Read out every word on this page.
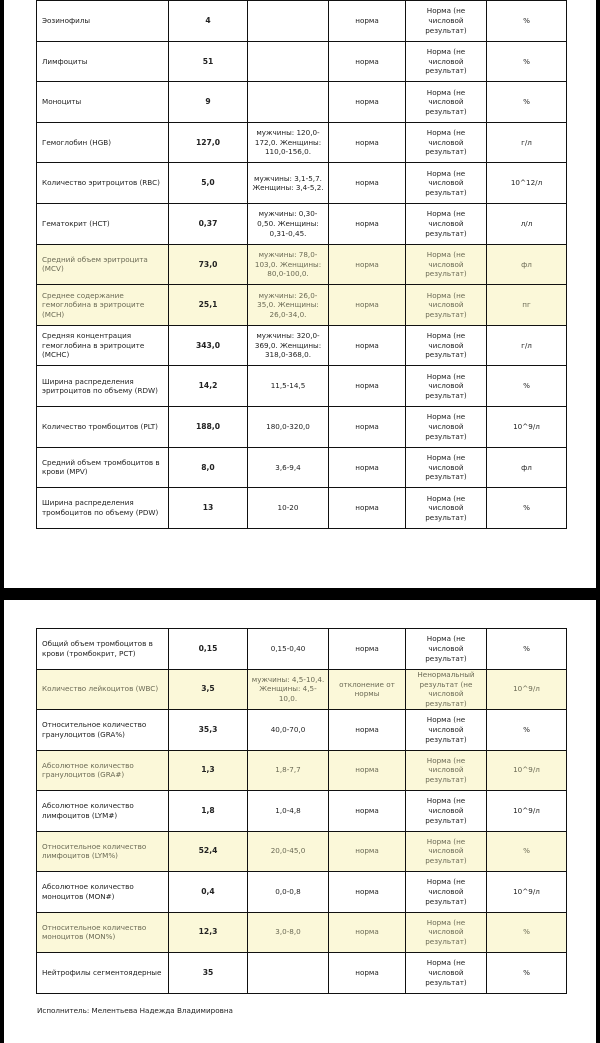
Эозинофилы	4		норма	Норма (не числовой результат)	%
Лимфоциты	51		норма	Норма (не числовой результат)	%
Моноциты	9		норма	Норма (не числовой результат)	%
Гемоглобин (HGB)	127,0	мужчины: 120,0-172,0. Женщины: 110,0-156,0.	норма	Норма (не числовой результат)	г/л
Количество эритроцитов (RBC)	5,0	мужчины: 3,1-5,7. Женщины: 3,4-5,2.	норма	Норма (не числовой результат)	10^12/л
Гематокрит (HCT)	0,37	мужчины: 0,30-0,50. Женщины: 0,31-0,45.	норма	Норма (не числовой результат)	л/л
Средний объем эритроцита (MCV)	73,0	мужчины: 78,0-103,0. Женщины: 80,0-100,0.	норма	Норма (не числовой результат)	фл
Среднее содержание гемоглобина в эритроците (MCH)	25,1	мужчины: 26,0-35,0. Женщины: 26,0-34,0.	норма	Норма (не числовой результат)	пг
Средняя концентрация гемоглобина в эритроците (MCHC)	343,0	мужчины: 320,0-369,0. Женщины: 318,0-368,0.	норма	Норма (не числовой результат)	г/л
Ширина распределения эритроцитов по объему (RDW)	14,2	11,5-14,5	норма	Норма (не числовой результат)	%
Количество тромбоцитов (PLT)	188,0	180,0-320,0	норма	Норма (не числовой результат)	10^9/л
Средний объем тромбоцитов в крови (MPV)	8,0	3,6-9,4	норма	Норма (не числовой результат)	фл
Ширина распределения тромбоцитов по объему (PDW)	13	10-20	норма	Норма (не числовой результат)	%
Общий объем тромбоцитов в крови (тромбокрит, PCT)	0,15	0,15-0,40	норма	Норма (не числовой результат)	%
Количество лейкоцитов (WBC)	3,5	мужчины: 4,5-10,4. Женщины: 4,5-10,0.	отклонение от нормы	Ненормальный результат (не числовой результат)	10^9/л
Относительное количество гранулоцитов (GRA%)	35,3	40,0-70,0	норма	Норма (не числовой результат)	%
Абсолютное количество гранулоцитов (GRA#)	1,3	1,8-7,7	норма	Норма (не числовой результат)	10^9/л
Абсолютное количество лимфоцитов (LYM#)	1,8	1,0-4,8	норма	Норма (не числовой результат)	10^9/л
Относительное количество лимфоцитов (LYM%)	52,4	20,0-45,0	норма	Норма (не числовой результат)	%
Абсолютное количество моноцитов (MON#)	0,4	0,0-0,8	норма	Норма (не числовой результат)	10^9/л
Относительное количество моноцитов (MON%)	12,3	3,0-8,0	норма	Норма (не числовой результат)	%
Нейтрофилы сегментоядерные	35		норма	Норма (не числовой результат)	%
Исполнитель: Мелентьева Надежда Владимировна
